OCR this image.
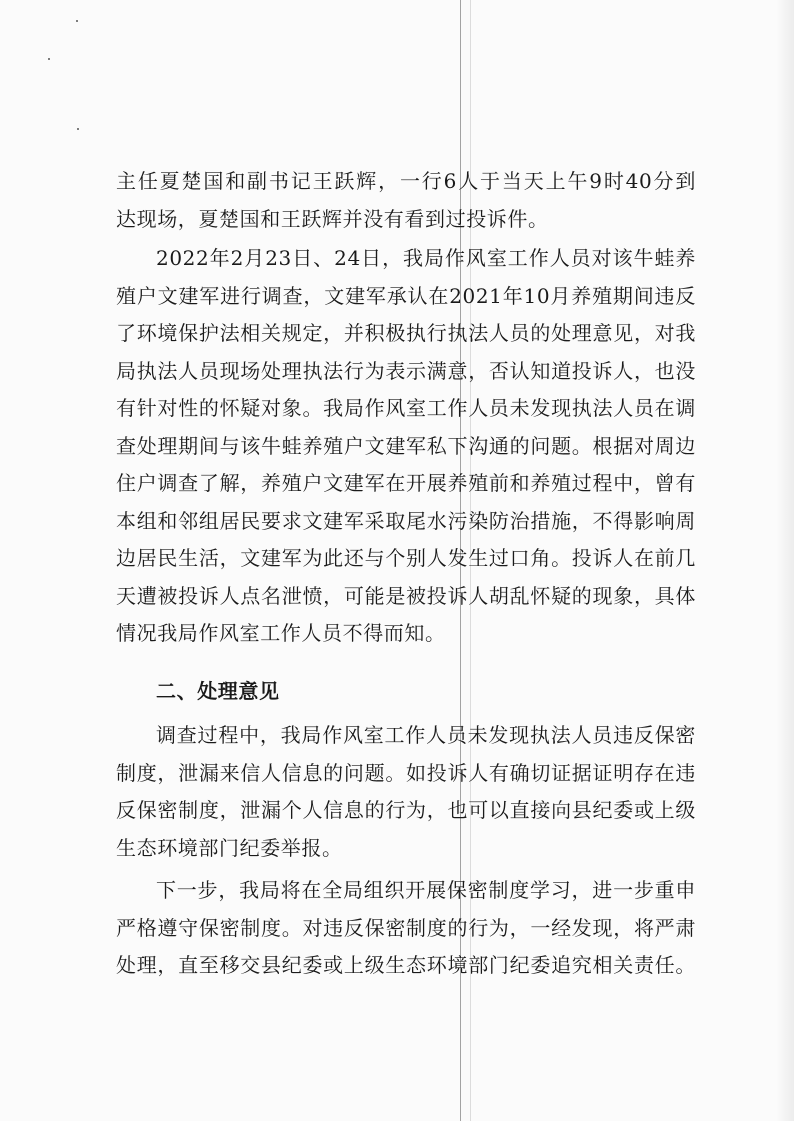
主任夏楚国和副书记王跃辉，一行6人于当天上午9时40分到
达现场，夏楚国和王跃辉并没有看到过投诉件。
2022年2月23日、24日，我局作风室工作人员对该牛蛙养
殖户文建军进行调查，文建军承认在2021年10月养殖期间违反
了环境保护法相关规定，并积极执行执法人员的处理意见，对我
局执法人员现场处理执法行为表示满意，否认知道投诉人，也没
有针对性的怀疑对象。我局作风室工作人员未发现执法人员在调
查处理期间与该牛蛙养殖户文建军私下沟通的问题。根据对周边
住户调查了解，养殖户文建军在开展养殖前和养殖过程中，曾有
本组和邻组居民要求文建军采取尾水污染防治措施，不得影响周
边居民生活，文建军为此还与个别人发生过口角。投诉人在前几
天遭被投诉人点名泄愤，可能是被投诉人胡乱怀疑的现象，具体
情况我局作风室工作人员不得而知。
二、处理意见
调查过程中，我局作风室工作人员未发现执法人员违反保密
制度，泄漏来信人信息的问题。如投诉人有确切证据证明存在违
反保密制度，泄漏个人信息的行为，也可以直接向县纪委或上级
生态环境部门纪委举报。
下一步，我局将在全局组织开展保密制度学习，进一步重申
严格遵守保密制度。对违反保密制度的行为，一经发现，将严肃
处理，直至移交县纪委或上级生态环境部门纪委追究相关责任。
